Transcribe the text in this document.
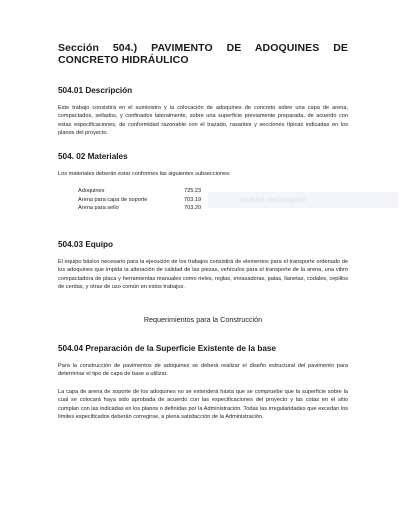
Sección 504.) PAVIMENTO DE ADOQUINES DE CONCRETO HIDRÁULICO
504.01 Descripción
Este trabajo consistirá en el suministro y la colocación de adoquines de concreto sobre una capa de arena, compactados, sellados, y confinados lateralmente, sobre una superficie previamente preparada, de acuerdo con estas especificaciones, de conformidad razonable con el trazado, rasantes y secciones típicas indicadas en los planos del proyecto.
504. 02 Materiales
Los materiales deberán estar conformes las siguientes subsecciones:
cuadro rectangular
Adoquines	725.23
Arena para capa de soporte	703.19
Arena para sello	703.20
504.03 Equipo
El equipo básico necesario para la ejecución de los trabajos consistirá de elementos para el transporte ordenado de los adoquines que impida la alteración de calidad de las piezas, vehículos para el transporte de la arena, una vibro compactadora de placa y herramientas manuales como rieles, reglas, enrasadoras, palas, llanetas, codales, cepillos de cerdas, y otras de uso común en estos trabajos.
Requerimientos para la Construcción
504.04 Preparación de la Superficie Existente de la base
Para la construcción de pavimentos de adoquines se deberá realizar el diseño estructural del pavimento para determinar el tipo de capa de base a utilizar.
La capa de arena de soporte de los adoquines no se extenderá hasta que se compruebe que la superficie sobre la cual se colocará haya sido aprobada de acuerdo con las especificaciones del proyecto y las cotas en el sitio cumplan con las indicadas en los planos o definidas por la Administración. Todas las irregularidades que excedan los límites especificados deberán corregirse, a plena satisfacción de la Administración.
